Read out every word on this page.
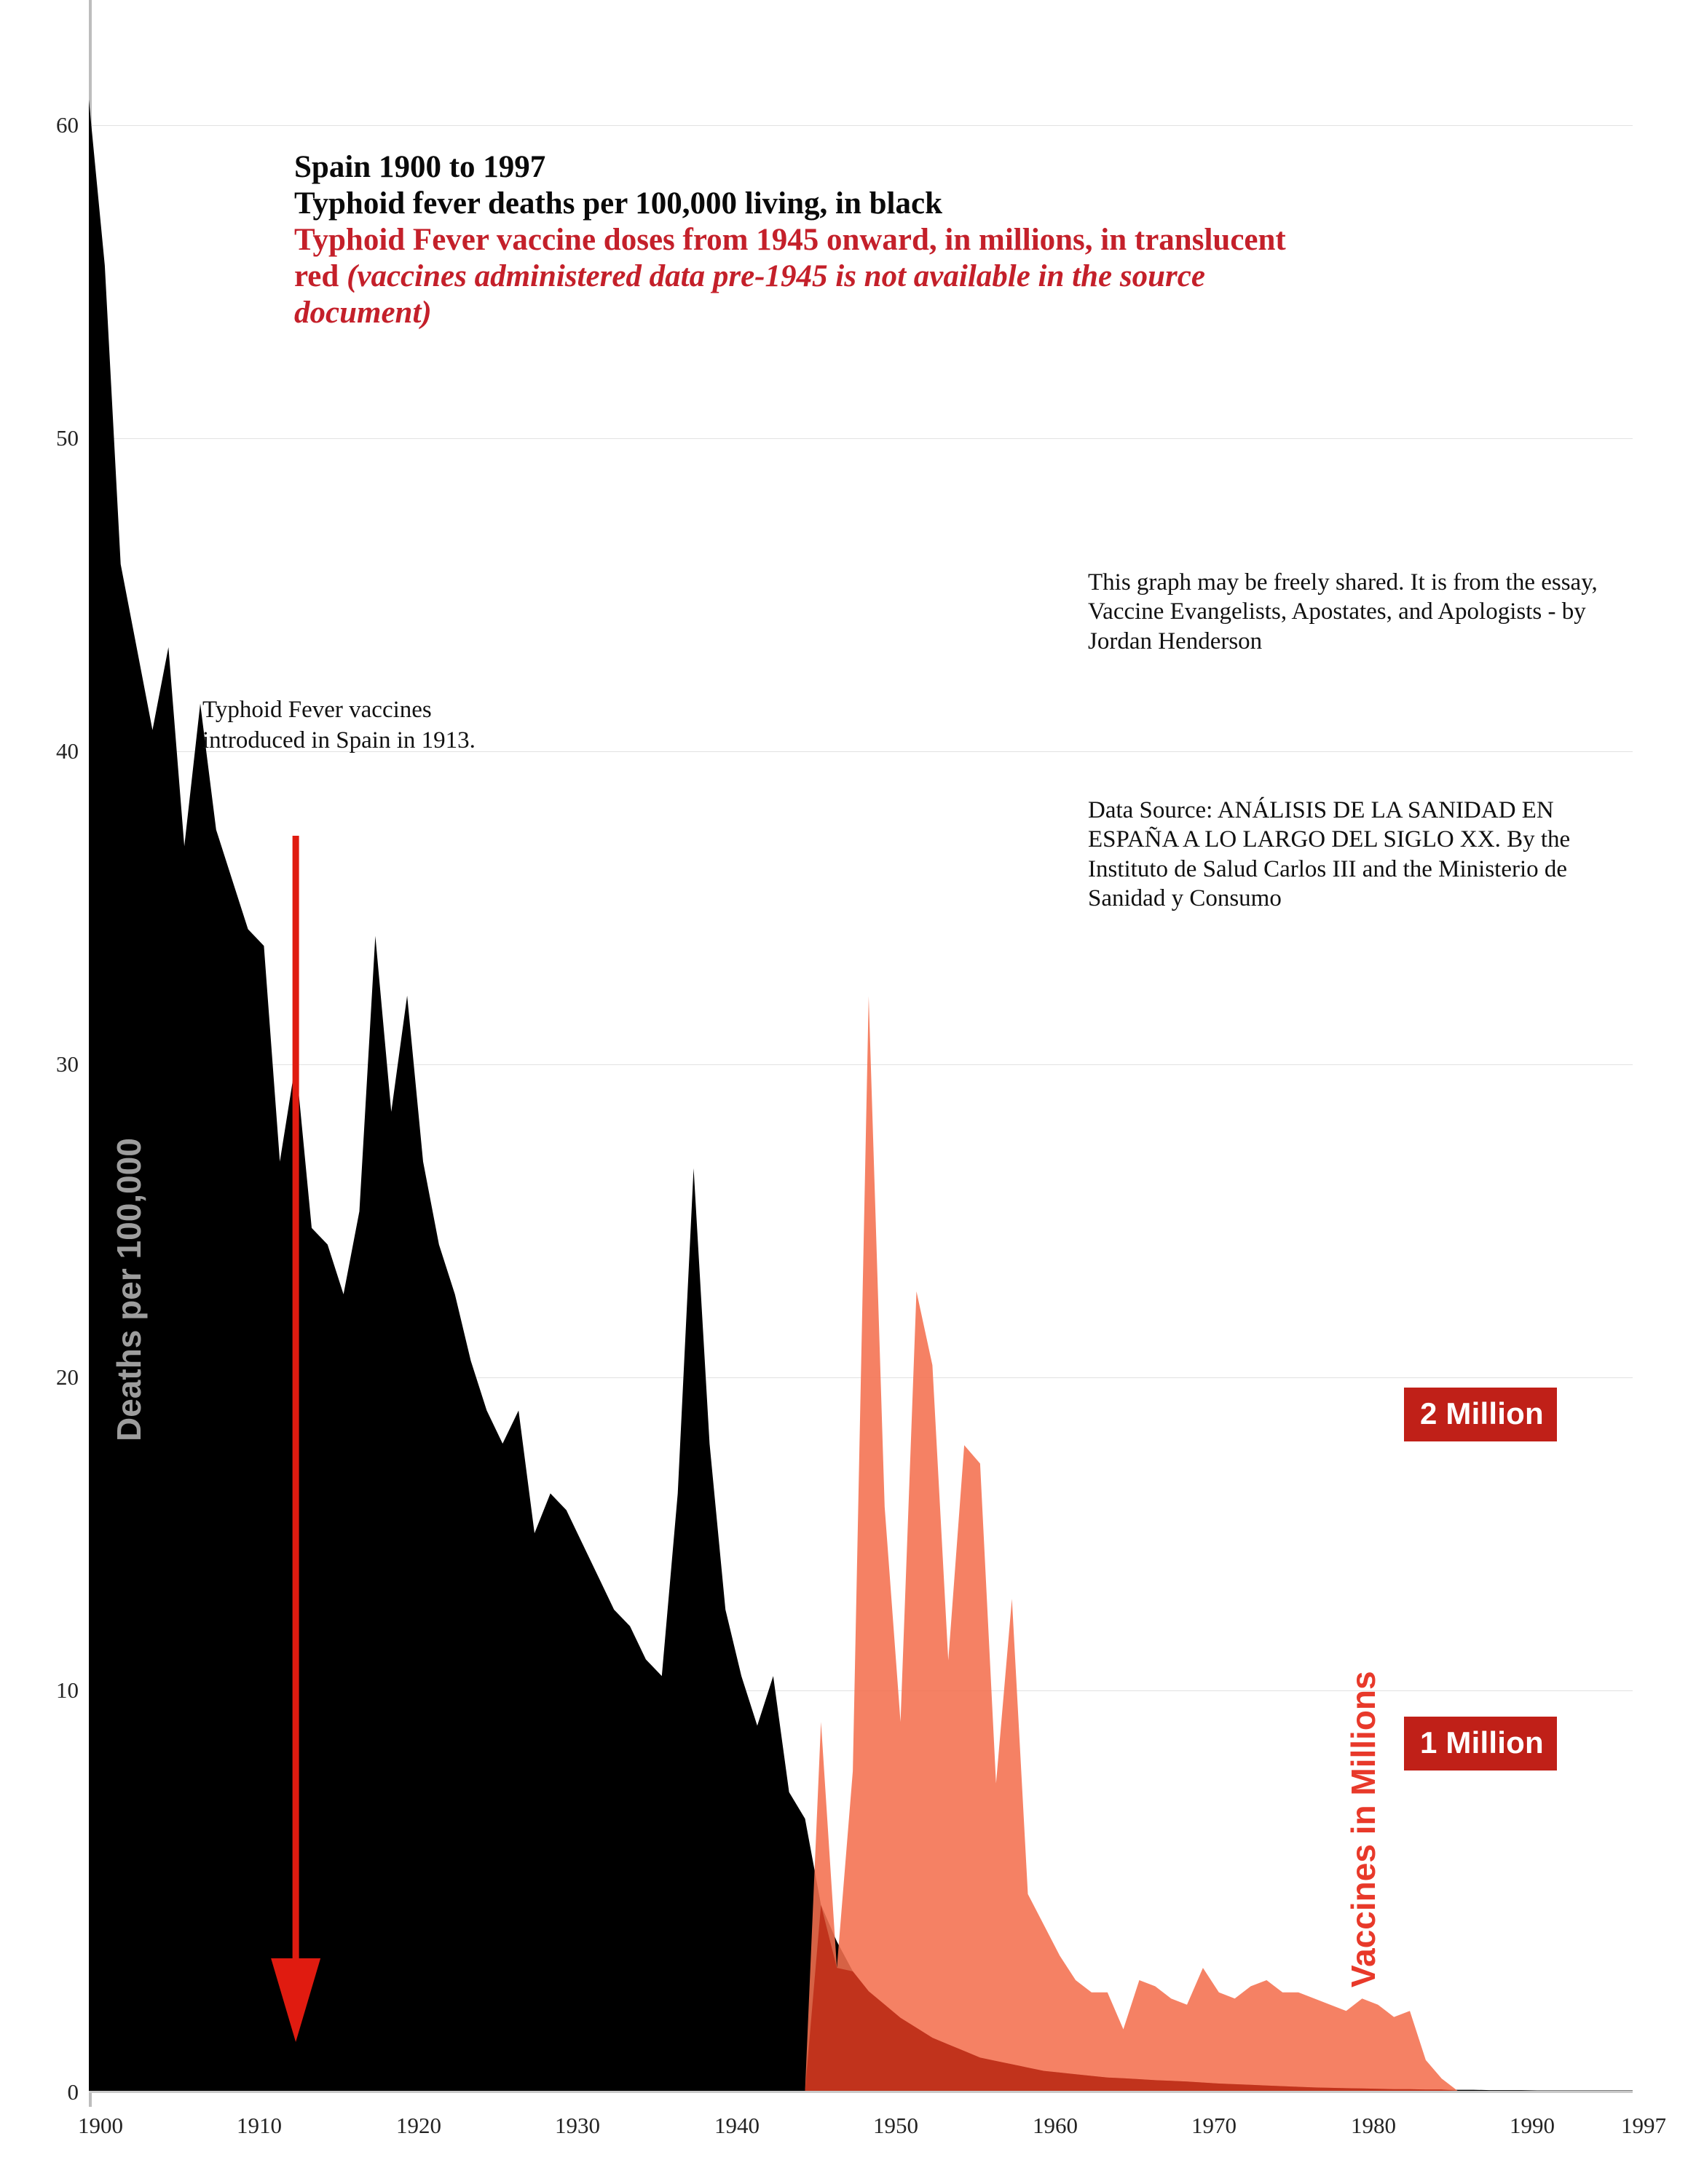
60
50
40
30
20
10
0
1900	1910	1920	1930	1940	1950	1960	1970	1980	1990	1997
Spain 1900 to 1997
Typhoid fever deaths per 100,000 living, in black
Typhoid Fever vaccine doses from 1945 onward, in millions, in translucent red (vaccines administered data pre-1945 is not available in the source document)
This graph may be freely shared. It is from the essay, Vaccine Evangelists, Apostates, and Apologists - by Jordan Henderson
Data Source: ANÁLISIS DE LA SANIDAD EN ESPAÑA A LO LARGO DEL SIGLO XX. By the Instituto de Salud Carlos III and the Ministerio de Sanidad y Consumo
Typhoid Fever vaccines introduced in Spain in 1913.
Deaths per 100,000
Vaccines in Millions
2 Million
1 Million
